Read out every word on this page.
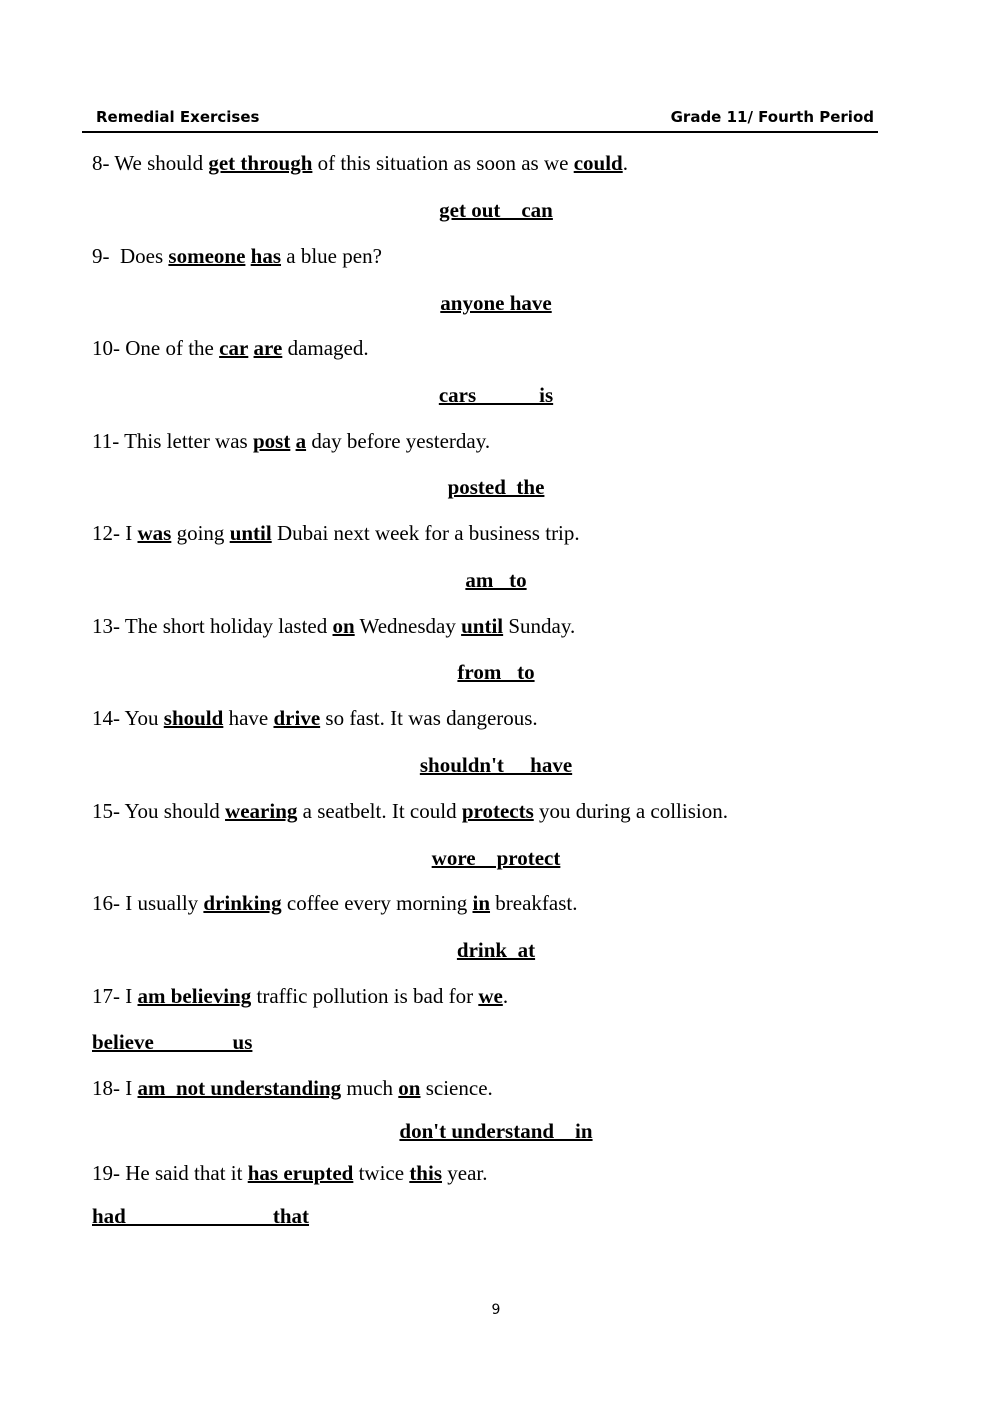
Remedial Exercises	Grade 11/ Fourth Period
8- We should get through of this situation as soon as we could.
get out    can
9-  Does someone has a blue pen?
anyone have
10- One of the car are damaged.
cars            is
11- This letter was post a day before yesterday.
posted  the
12- I was going until Dubai next week for a business trip.
am   to
13- The short holiday lasted on Wednesday until Sunday.
from   to
14- You should have drive so fast. It was dangerous.
shouldn't     have
15- You should wearing a seatbelt. It could protects you during a collision.
wore    protect
16- I usually drinking coffee every morning in breakfast.
drink  at
17- I am believing traffic pollution is bad for we.
believe               us
18- I am  not understanding much on science.
don't understand    in
19- He said that it has erupted twice this year.
had                            that
9
